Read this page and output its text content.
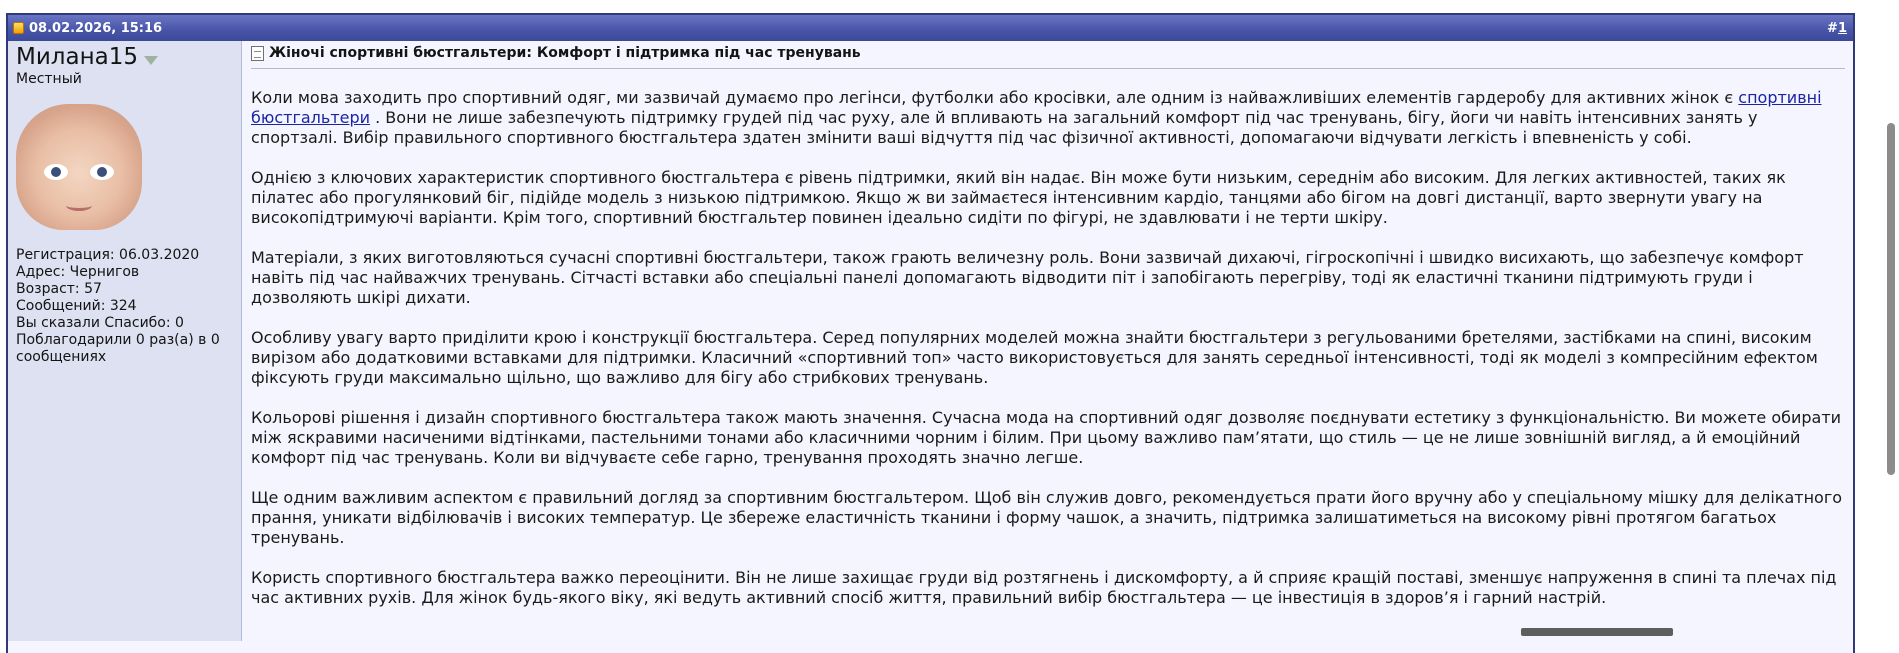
08.02.2026, 15:16	#1
Милана15
Местный
Регистрация: 06.03.2020
Адрес: Чернигов
Возраст: 57
Сообщений: 324
Вы сказали Спасибо: 0
Поблагодарили 0 раз(а) в 0 сообщениях
Жіночі спортивні бюстгальтери: Комфорт і підтримка під час тренувань

Коли мова заходить про спортивний одяг, ми зазвичай думаємо про легінси, футболки або кросівки, але одним із найважливіших елементів гардеробу для активних жінок є спортивні бюстгальтери . Вони не лише забезпечують підтримку грудей під час руху, але й впливають на загальний комфорт під час тренувань, бігу, йоги чи навіть інтенсивних занять у спортзалі. Вибір правильного спортивного бюстгальтера здатен змінити ваші відчуття під час фізичної активності, допомагаючи відчувати легкість і впевненість у собі.

Однією з ключових характеристик спортивного бюстгальтера є рівень підтримки, який він надає. Він може бути низьким, середнім або високим. Для легких активностей, таких як пілатес або прогулянковий біг, підійде модель з низькою підтримкою. Якщо ж ви займаєтеся інтенсивним кардіо, танцями або бігом на довгі дистанції, варто звернути увагу на високопідтримуючі варіанти. Крім того, спортивний бюстгальтер повинен ідеально сидіти по фігурі, не здавлювати і не терти шкіру.

Матеріали, з яких виготовляються сучасні спортивні бюстгальтери, також грають величезну роль. Вони зазвичай дихаючі, гігроскопічні і швидко висихають, що забезпечує комфорт навіть під час найважчих тренувань. Сітчасті вставки або спеціальні панелі допомагають відводити піт і запобігають перегріву, тоді як еластичні тканини підтримують груди і дозволяють шкірі дихати.

Особливу увагу варто приділити крою і конструкції бюстгальтера. Серед популярних моделей можна знайти бюстгальтери з регульованими бретелями, застібками на спині, високим вирізом або додатковими вставками для підтримки. Класичний «спортивний топ» часто використовується для занять середньої інтенсивності, тоді як моделі з компресійним ефектом фіксують груди максимально щільно, що важливо для бігу або стрибкових тренувань.

Кольорові рішення і дизайн спортивного бюстгальтера також мають значення. Сучасна мода на спортивний одяг дозволяє поєднувати естетику з функціональністю. Ви можете обирати між яскравими насиченими відтінками, пастельними тонами або класичними чорним і білим. При цьому важливо пам’ятати, що стиль — це не лише зовнішній вигляд, а й емоційний комфорт під час тренувань. Коли ви відчуваєте себе гарно, тренування проходять значно легше.

Ще одним важливим аспектом є правильний догляд за спортивним бюстгальтером. Щоб він служив довго, рекомендується прати його вручну або у спеціальному мішку для делікатного прання, уникати відбілювачів і високих температур. Це збереже еластичність тканини і форму чашок, а значить, підтримка залишатиметься на високому рівні протягом багатьох тренувань.

Користь спортивного бюстгальтера важко переоцінити. Він не лише захищає груди від розтягнень і дискомфорту, а й сприяє кращій поставі, зменшує напруження в спині та плечах під час активних рухів. Для жінок будь-якого віку, які ведуть активний спосіб життя, правильний вибір бюстгальтера — це інвестиція в здоров’я і гарний настрій.
